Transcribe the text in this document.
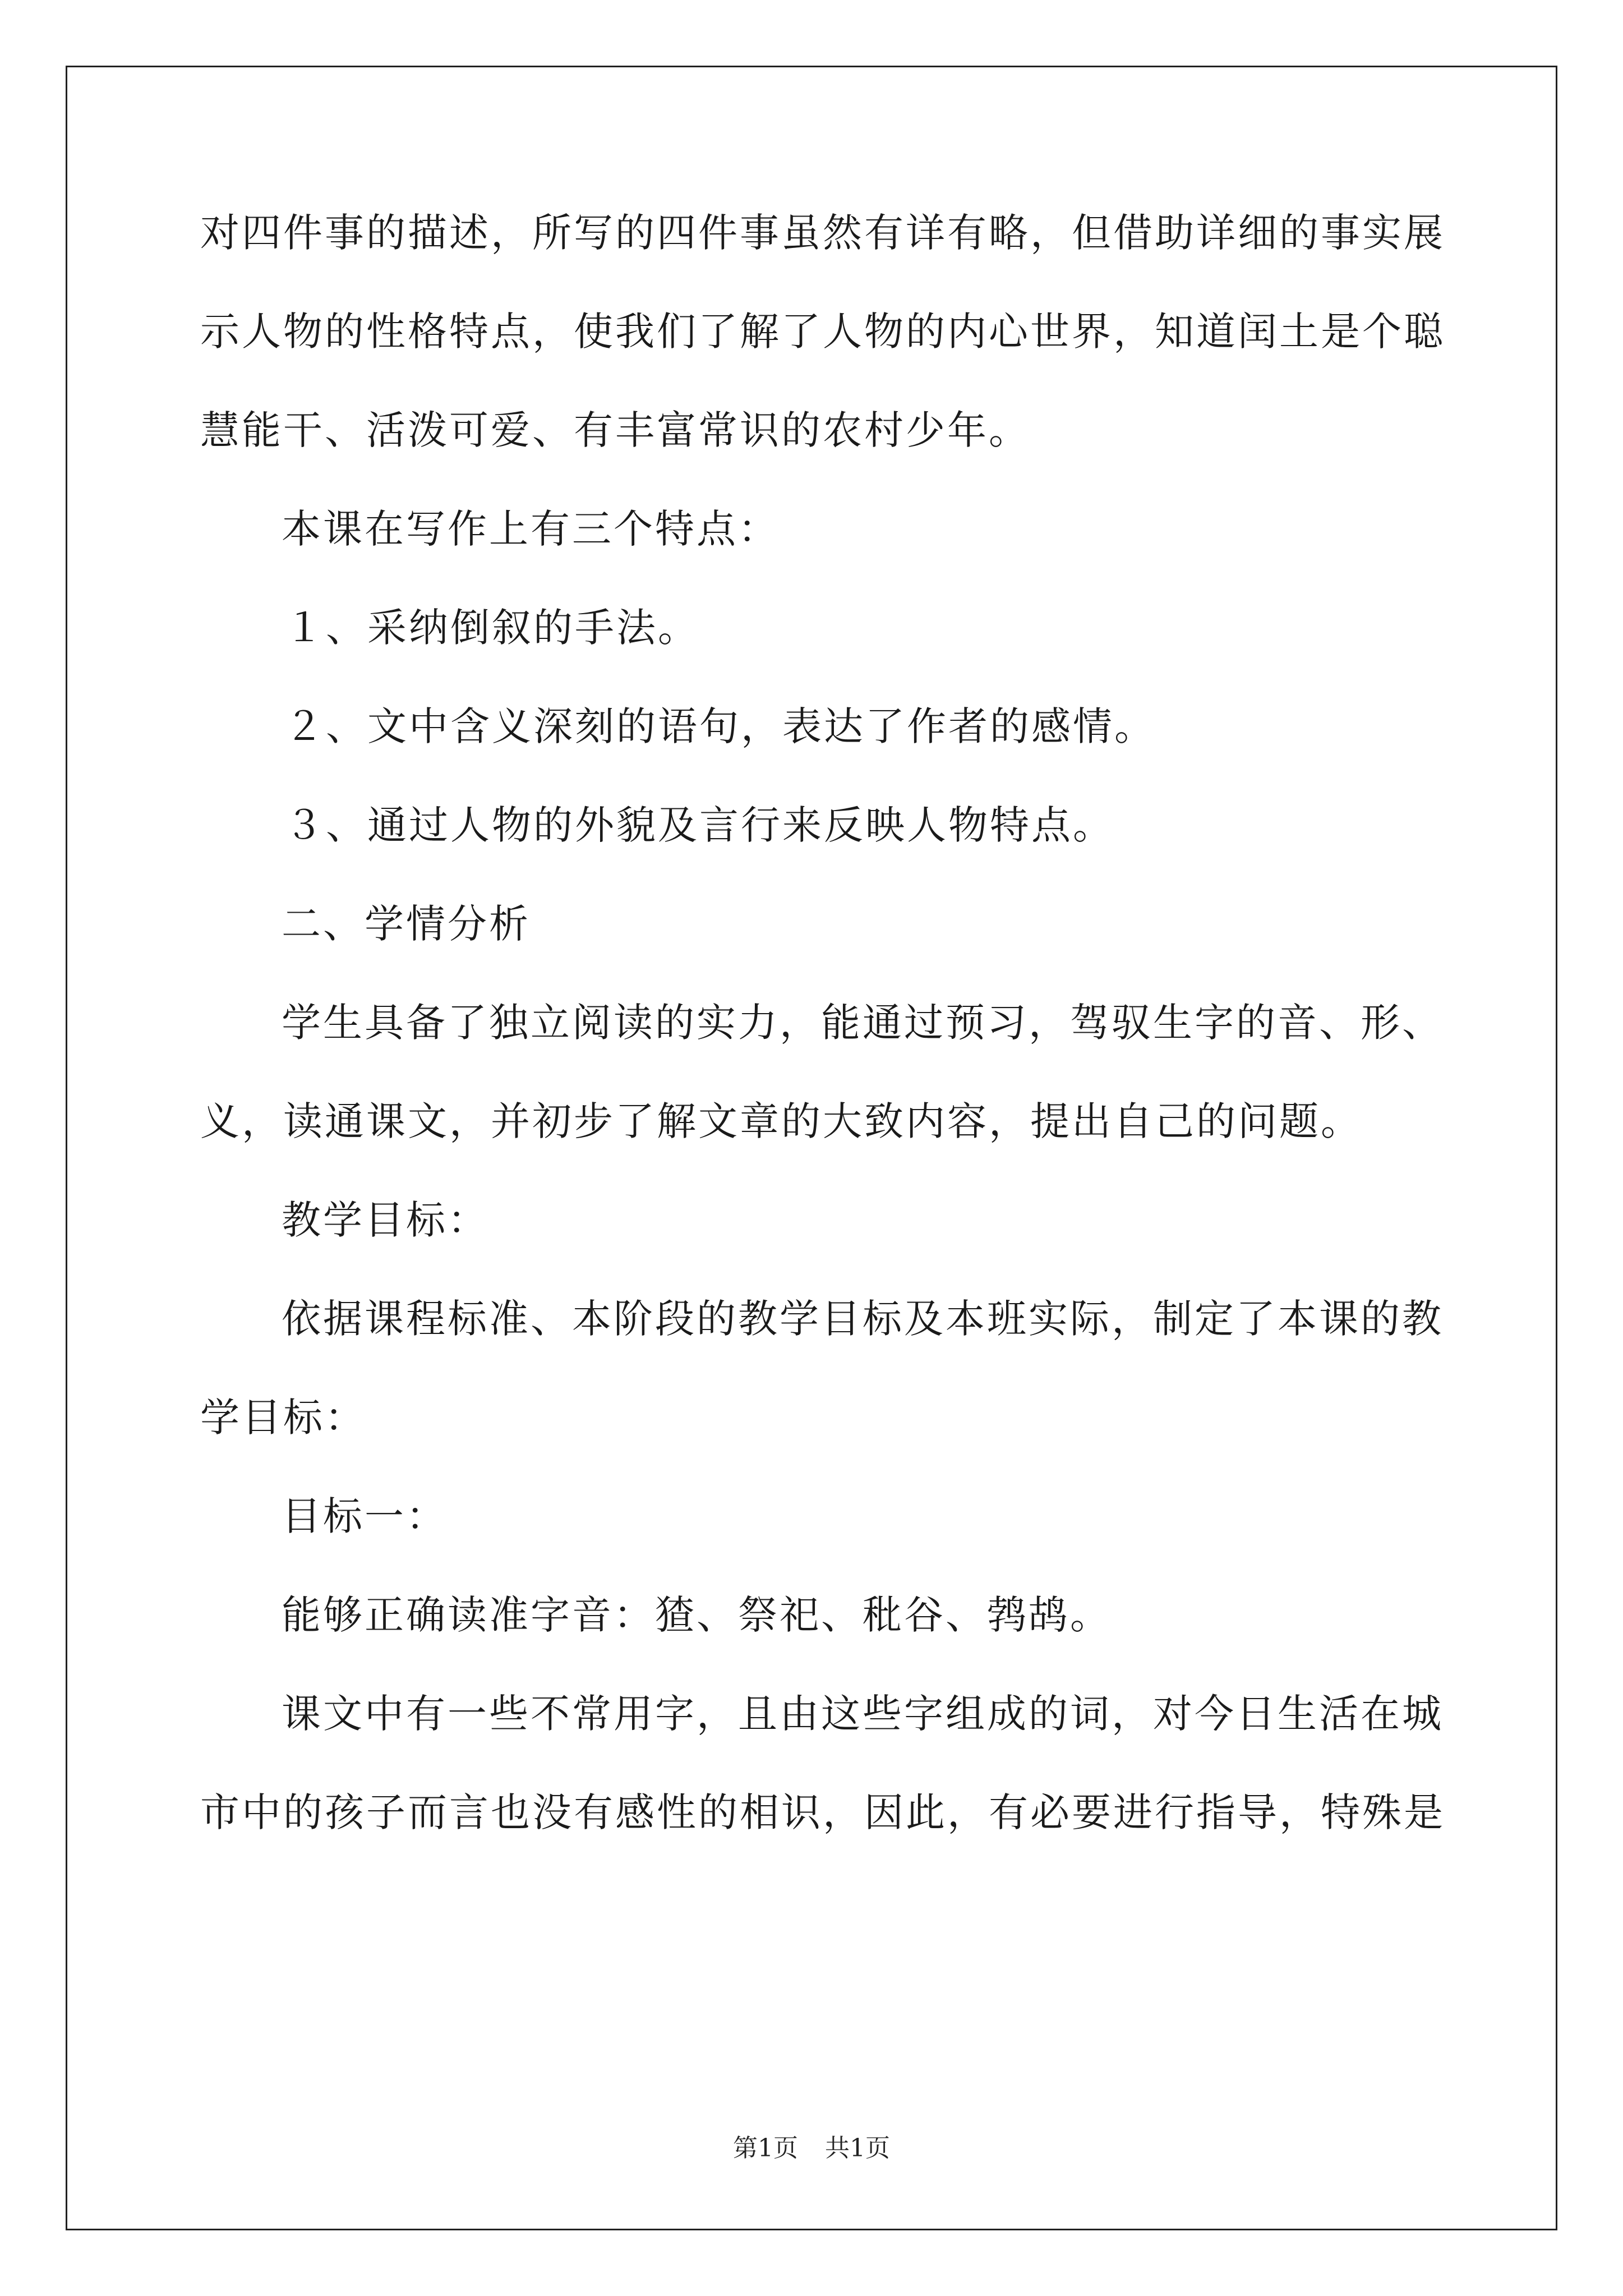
对四件事的描述，所写的四件事虽然有详有略，但借助详细的事实展
示人物的性格特点，使我们了解了人物的内心世界，知道闰土是个聪
慧能干、活泼可爱、有丰富常识的农村少年。
本课在写作上有三个特点：
１、采纳倒叙的手法。
２、文中含义深刻的语句，表达了作者的感情。
３、通过人物的外貌及言行来反映人物特点。
二、学情分析
学生具备了独立阅读的实力，能通过预习，驾驭生字的音、形、
义，读通课文，并初步了解文章的大致内容，提出自己的问题。
教学目标：
依据课程标准、本阶段的教学目标及本班实际，制定了本课的教
学目标：
目标一：
能够正确读准字音：猹、祭祀、秕谷、鹁鸪。
课文中有一些不常用字，且由这些字组成的词，对今日生活在城
市中的孩子而言也没有感性的相识，因此，有必要进行指导，特殊是
第1页 共1页
